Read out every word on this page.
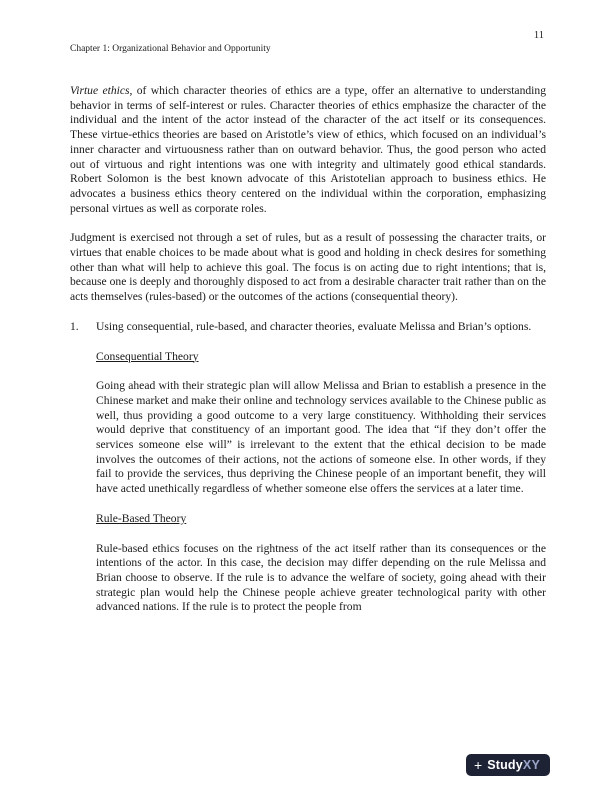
11
Chapter 1: Organizational Behavior and Opportunity

Virtue ethics, of which character theories of ethics are a type, offer an alternative to understanding behavior in terms of self-interest or rules. Character theories of ethics emphasize the character of the individual and the intent of the actor instead of the character of the act itself or its consequences. These virtue-ethics theories are based on Aristotle’s view of ethics, which focused on an individual’s inner character and virtuousness rather than on outward behavior. Thus, the good person who acted out of virtuous and right intentions was one with integrity and ultimately good ethical standards. Robert Solomon is the best known advocate of this Aristotelian approach to business ethics. He advocates a business ethics theory centered on the individual within the corporation, emphasizing personal virtues as well as corporate roles.

Judgment is exercised not through a set of rules, but as a result of possessing the character traits, or virtues that enable choices to be made about what is good and holding in check desires for something other than what will help to achieve this goal. The focus is on acting due to right intentions; that is, because one is deeply and thoroughly disposed to act from a desirable character trait rather than on the acts themselves (rules-based) or the outcomes of the actions (consequential theory).

1.	Using consequential, rule-based, and character theories, evaluate Melissa and Brian’s options.

Consequential Theory

Going ahead with their strategic plan will allow Melissa and Brian to establish a presence in the Chinese market and make their online and technology services available to the Chinese public as well, thus providing a good outcome to a very large constituency. Withholding their services would deprive that constituency of an important good. The idea that “if they don’t offer the services someone else will” is irrelevant to the extent that the ethical decision to be made involves the outcomes of their actions, not the actions of someone else. In other words, if they fail to provide the services, thus depriving the Chinese people of an important benefit, they will have acted unethically regardless of whether someone else offers the services at a later time.

Rule-Based Theory

Rule-based ethics focuses on the rightness of the act itself rather than its consequences or the intentions of the actor. In this case, the decision may differ depending on the rule Melissa and Brian choose to observe. If the rule is to advance the welfare of society, going ahead with their strategic plan would help the Chinese people achieve greater technological parity with other advanced nations. If the rule is to protect the people from

+ Study XY
